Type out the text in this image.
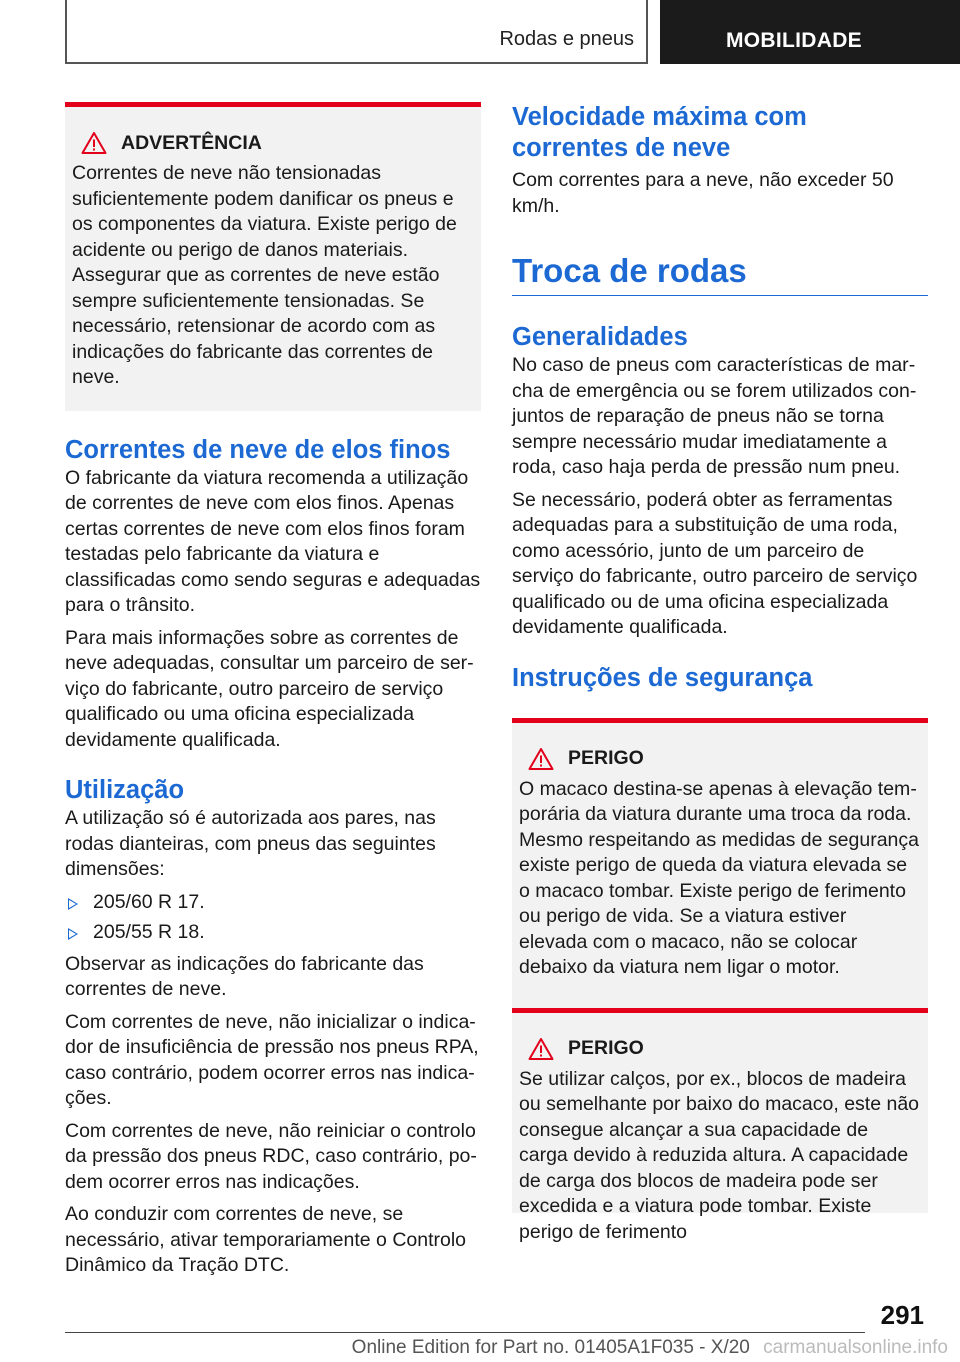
Rodas e pneus	MOBILIDADE
ADVERTÊNCIA

Correntes de neve não tensionadas suficientemente podem danificar os pneus e os componentes da viatura. Existe perigo de acidente ou perigo de danos materiais. Assegurar que as correntes de neve estão sempre suficientemente tensionadas. Se necessário, retensionar de acordo com as indicações do fabricante das correntes de neve.

Correntes de neve de elos finos

O fabricante da viatura recomenda a utilização de correntes de neve com elos finos. Apenas certas correntes de neve com elos finos foram testadas pelo fabricante da viatura e classificadas como sendo seguras e adequadas para o trânsito.

Para mais informações sobre as correntes de neve adequadas, consultar um parceiro de serviço do fabricante, outro parceiro de serviço qualificado ou uma oficina especializada devidamente qualificada.

Utilização

A utilização só é autorizada aos pares, nas rodas dianteiras, com pneus das seguintes dimensões:

205/60 R 17.
205/55 R 18.

Observar as indicações do fabricante das correntes de neve.

Com correntes de neve, não inicializar o indicador de insuficiência de pressão nos pneus RPA, caso contrário, podem ocorrer erros nas indicações.

Com correntes de neve, não reiniciar o controlo da pressão dos pneus RDC, caso contrário, podem ocorrer erros nas indicações.

Ao conduzir com correntes de neve, se necessário, ativar temporariamente o Controlo Dinâmico da Tração DTC.

Velocidade máxima com correntes de neve

Com correntes para a neve, não exceder 50 km/h.

Troca de rodas
Generalidades

No caso de pneus com características de marcha de emergência ou se forem utilizados conjuntos de reparação de pneus não se torna sempre necessário mudar imediatamente a roda, caso haja perda de pressão num pneu.

Se necessário, poderá obter as ferramentas adequadas para a substituição de uma roda, como acessório, junto de um parceiro de serviço do fabricante, outro parceiro de serviço qualificado ou de uma oficina especializada devidamente qualificada.

Instruções de segurança
PERIGO

O macaco destina-se apenas à elevação temporária da viatura durante uma troca da roda. Mesmo respeitando as medidas de segurança existe perigo de queda da viatura elevada se o macaco tombar. Existe perigo de ferimento ou perigo de vida. Se a viatura estiver elevada com o macaco, não se colocar debaixo da viatura nem ligar o motor.

PERIGO

Se utilizar calços, por ex., blocos de madeira ou semelhante por baixo do macaco, este não consegue alcançar a sua capacidade de carga devido à reduzida altura. A capacidade de carga dos blocos de madeira pode ser excedida e a viatura pode tombar. Existe perigo de ferimento

291
Online Edition for Part no. 01405A1F035 - X/20 carmanualsonline.info
